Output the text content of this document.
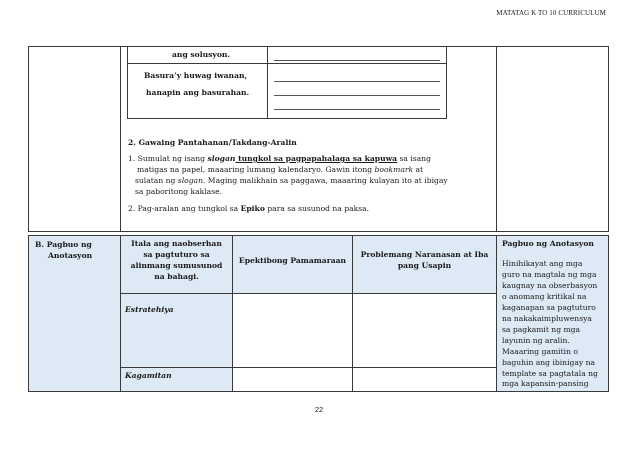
MATATAG K TO 10 CURRICULUM
ang solusyon.
Basura’y huwag iwanan,
hanapin ang basurahan.
2. Gawaing Pantahanan/Takdang-Aralin
1. Sumulat ng isang slogan tungkol sa pagpapahalaga sa kapuwa sa isang
matigas na papel, maaaring lumang kalendaryo. Gawin itong bookmark at
sulatan ng slogan. Maging malikhain sa paggawa, maaaring kulayan ito at ibigay
sa paboritong kaklase.
2. Pag-aralan ang tungkol sa Epiko para sa susunod na paksa.
B. Pagbuo ng
Anotasyon
Itala ang naobserhan
sa pagtuturo sa
alinmang sumusunod
na bahagi.
Epektibong Pamamaraan
Problemang Naranasan at Iba
pang Usapin
Estratehiya
Kagamitan
Pagbuo ng Anotasyon
Hinihikayat ang mga
guro na magtala ng mga
kaugnay na obserbasyon
o anomang kritikal na
kaganapan sa pagtuturo
na nakakaimpluwensya
sa pagkamit ng mga
layunin ng aralin.
Maaaring gamitin o
baguhin ang ibinigay na
template sa pagtatala ng
mga kapansin-pansing
22
